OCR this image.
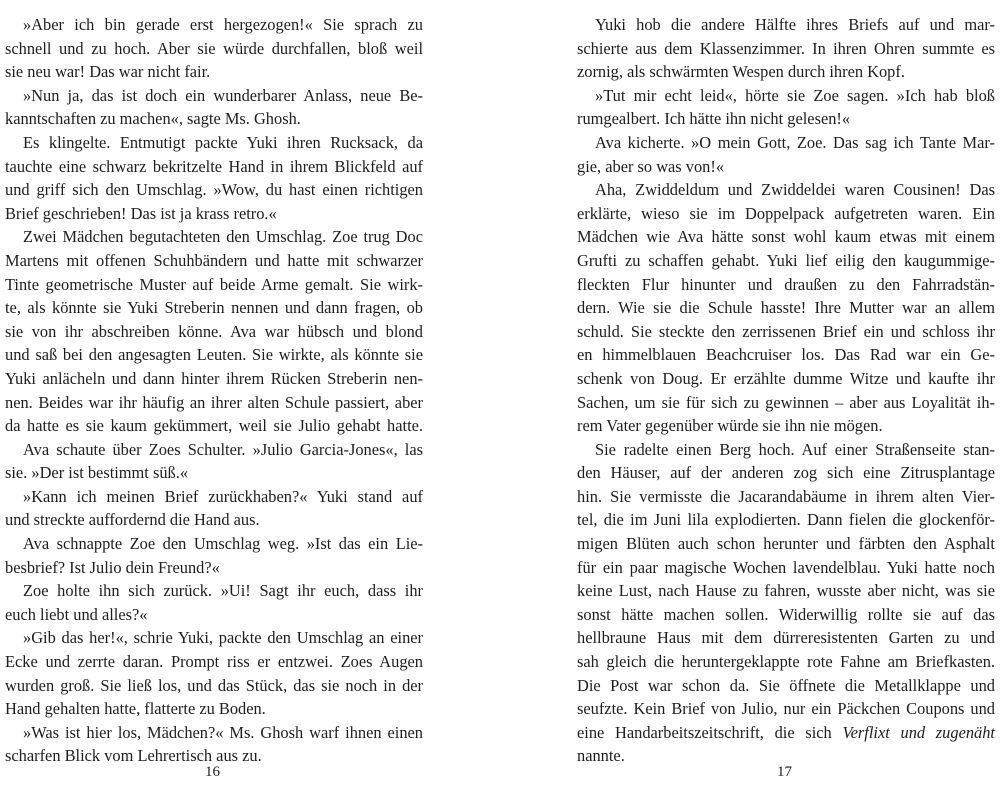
»Aber ich bin gerade erst hergezogen!« Sie sprach zu
schnell und zu hoch. Aber sie würde durchfallen, bloß weil
sie neu war! Das war nicht fair.
»Nun ja, das ist doch ein wunderbarer Anlass, neue Be-
kanntschaften zu machen«, sagte Ms. Ghosh.
Es klingelte. Entmutigt packte Yuki ihren Rucksack, da
tauchte eine schwarz bekritzelte Hand in ihrem Blickfeld auf
und griff sich den Umschlag. »Wow, du hast einen richtigen
Brief geschrieben! Das ist ja krass retro.«
Zwei Mädchen begutachteten den Umschlag. Zoe trug Doc
Martens mit offenen Schuhbändern und hatte mit schwarzer
Tinte geometrische Muster auf beide Arme gemalt. Sie wirk-
te, als könnte sie Yuki Streberin nennen und dann fragen, ob
sie von ihr abschreiben könne. Ava war hübsch und blond
und saß bei den angesagten Leuten. Sie wirkte, als könnte sie
Yuki anlächeln und dann hinter ihrem Rücken Streberin nen-
nen. Beides war ihr häufig an ihrer alten Schule passiert, aber
da hatte es sie kaum gekümmert, weil sie Julio gehabt hatte.
Ava schaute über Zoes Schulter. »Julio Garcia-Jones«, las
sie. »Der ist bestimmt süß.«
»Kann ich meinen Brief zurückhaben?« Yuki stand auf
und streckte auffordernd die Hand aus.
Ava schnappte Zoe den Umschlag weg. »Ist das ein Lie-
besbrief? Ist Julio dein Freund?«
Zoe holte ihn sich zurück. »Ui! Sagt ihr euch, dass ihr
euch liebt und alles?«
»Gib das her!«, schrie Yuki, packte den Umschlag an einer
Ecke und zerrte daran. Prompt riss er entzwei. Zoes Augen
wurden groß. Sie ließ los, und das Stück, das sie noch in der
Hand gehalten hatte, flatterte zu Boden.
»Was ist hier los, Mädchen?« Ms. Ghosh warf ihnen einen
scharfen Blick vom Lehrertisch aus zu.
16
Yuki hob die andere Hälfte ihres Briefs auf und mar-
schierte aus dem Klassenzimmer. In ihren Ohren summte es
zornig, als schwärmten Wespen durch ihren Kopf.
»Tut mir echt leid«, hörte sie Zoe sagen. »Ich hab bloß
rumgealbert. Ich hätte ihn nicht gelesen!«
Ava kicherte. »O mein Gott, Zoe. Das sag ich Tante Mar-
gie, aber so was von!«
Aha, Zwiddeldum und Zwiddeldei waren Cousinen! Das
erklärte, wieso sie im Doppelpack aufgetreten waren. Ein
Mädchen wie Ava hätte sonst wohl kaum etwas mit einem
Grufti zu schaffen gehabt. Yuki lief eilig den kaugummige-
fleckten Flur hinunter und draußen zu den Fahrradstän-
dern. Wie sie die Schule hasste! Ihre Mutter war an allem
schuld. Sie steckte den zerrissenen Brief ein und schloss ihr
en himmelblauen Beachcruiser los. Das Rad war ein Ge-
schenk von Doug. Er erzählte dumme Witze und kaufte ihr
Sachen, um sie für sich zu gewinnen – aber aus Loyalität ih-
rem Vater gegenüber würde sie ihn nie mögen.
Sie radelte einen Berg hoch. Auf einer Straßenseite stan-
den Häuser, auf der anderen zog sich eine Zitrusplantage
hin. Sie vermisste die Jacarandabäume in ihrem alten Vier-
tel, die im Juni lila explodierten. Dann fielen die glockenför-
migen Blüten auch schon herunter und färbten den Asphalt
für ein paar magische Wochen lavendelblau. Yuki hatte noch
keine Lust, nach Hause zu fahren, wusste aber nicht, was sie
sonst hätte machen sollen. Widerwillig rollte sie auf das
hellbraune Haus mit dem dürreresistenten Garten zu und
sah gleich die heruntergeklappte rote Fahne am Briefkasten.
Die Post war schon da. Sie öffnete die Metallklappe und
seufzte. Kein Brief von Julio, nur ein Päckchen Coupons und
eine Handarbeitszeitschrift, die sich Verflixt und zugenäht
nannte.
17
